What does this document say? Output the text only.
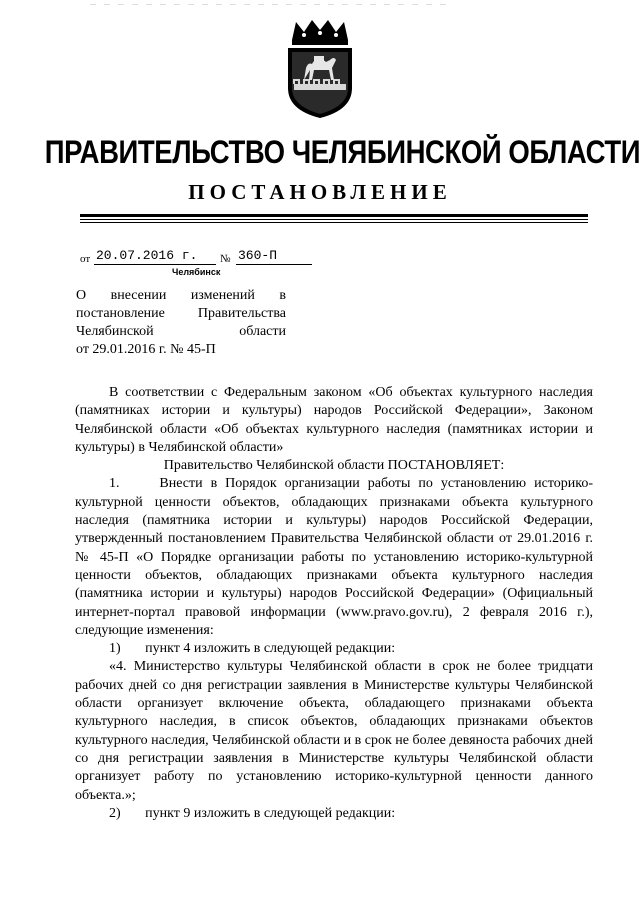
ПРАВИТЕЛЬСТВО ЧЕЛЯБИНСКОЙ ОБЛАСТИ
ПОСТАНОВЛЕНИЕ
от 20.07.2016 г.	№ 360-П
Челябинск
О внесении изменений в
постановление Правительства
Челябинской области
от 29.01.2016 г. № 45-П

В соответствии с Федеральным законом «Об объектах культурного наследия (памятниках истории и культуры) народов Российской Федерации», Законом Челябинской области «Об объектах культурного наследия (памятниках истории и культуры) в Челябинской области»

Правительство Челябинской области ПОСТАНОВЛЯЕТ:

1.     Внести в Порядок организации работы по установлению историко-культурной ценности объектов, обладающих признаками объекта культурного наследия (памятника истории и культуры) народов Российской Федерации, утвержденный постановлением Правительства Челябинской области от 29.01.2016 г. № 45-П «О Порядке организации работы по установлению историко-культурной ценности объектов, обладающих признаками объекта культурного наследия (памятника истории и культуры) народов Российской Федерации» (Официальный интернет-портал правовой информации (www.pravo.gov.ru), 2 февраля 2016 г.), следующие изменения:

1)       пункт 4 изложить в следующей редакции:

«4. Министерство культуры Челябинской области в срок не более тридцати рабочих дней со дня регистрации заявления в Министерстве культуры Челябинской области организует включение объекта, обладающего признаками объекта культурного наследия, в список объектов, обладающих признаками объектов культурного наследия, Челябинской области и в срок не более девяноста рабочих дней со дня регистрации заявления в Министерстве культуры Челябинской области организует работу по установлению историко-культурной ценности данного объекта.»;

2)       пункт 9 изложить в следующей редакции:
